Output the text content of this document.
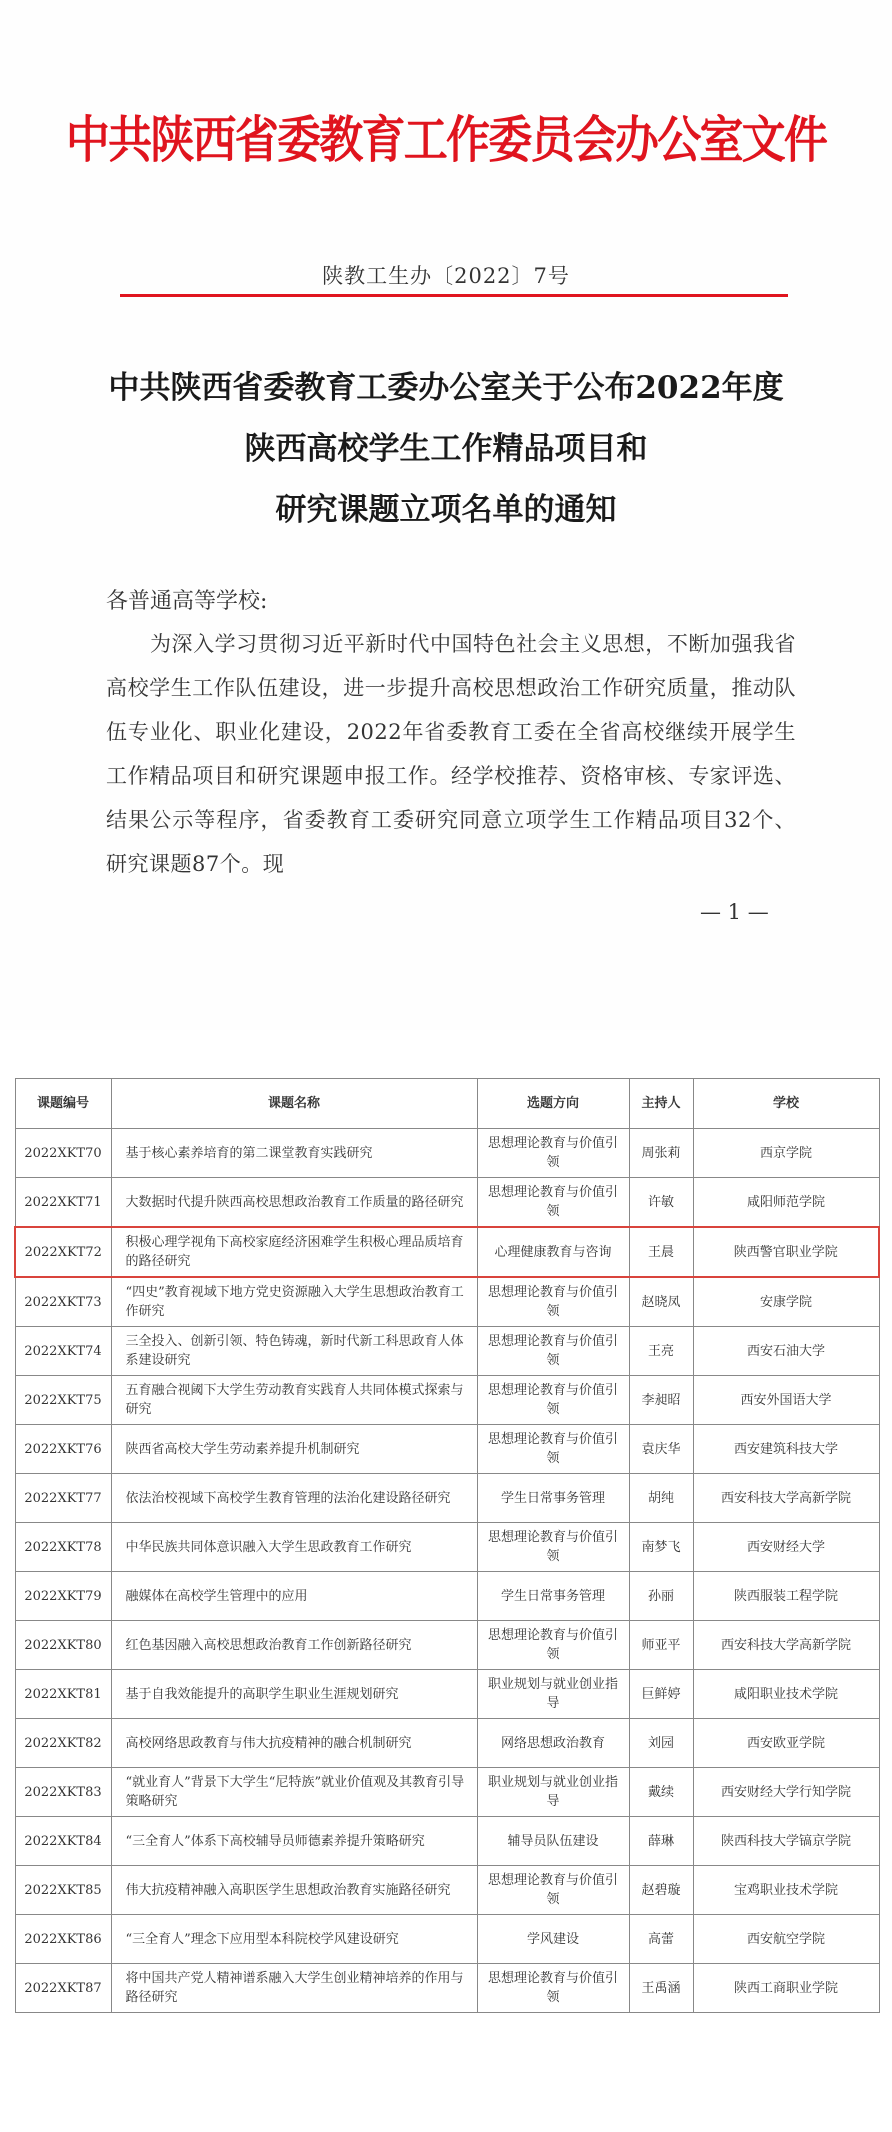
中共陕西省委教育工作委员会办公室文件
陕教工生办〔2022〕7号
中共陕西省委教育工委办公室关于公布2022年度
陕西高校学生工作精品项目和
研究课题立项名单的通知
各普通高等学校:
为深入学习贯彻习近平新时代中国特色社会主义思想，不断加强我省高校学生工作队伍建设，进一步提升高校思想政治工作研究质量，推动队伍专业化、职业化建设，2022年省委教育工委在全省高校继续开展学生工作精品项目和研究课题申报工作。经学校推荐、资格审核、专家评选、结果公示等程序，省委教育工委研究同意立项学生工作精品项目32个、研究课题87个。现
— 1 —
课题编号	课题名称	选题方向	主持人	学校
2022XKT70	基于核心素养培育的第二课堂教育实践研究	思想理论教育与价值引领	周张莉	西京学院
2022XKT71	大数据时代提升陕西高校思想政治教育工作质量的路径研究	思想理论教育与价值引领	许敏	咸阳师范学院
2022XKT72	积极心理学视角下高校家庭经济困难学生积极心理品质培育的路径研究	心理健康教育与咨询	王晨	陕西警官职业学院
2022XKT73	“四史”教育视域下地方党史资源融入大学生思想政治教育工作研究	思想理论教育与价值引领	赵晓凤	安康学院
2022XKT74	三全投入、创新引领、特色铸魂，新时代新工科思政育人体系建设研究	思想理论教育与价值引领	王亮	西安石油大学
2022XKT75	五育融合视阈下大学生劳动教育实践育人共同体模式探索与研究	思想理论教育与价值引领	李昶昭	西安外国语大学
2022XKT76	陕西省高校大学生劳动素养提升机制研究	思想理论教育与价值引领	袁庆华	西安建筑科技大学
2022XKT77	依法治校视域下高校学生教育管理的法治化建设路径研究	学生日常事务管理	胡纯	西安科技大学高新学院
2022XKT78	中华民族共同体意识融入大学生思政教育工作研究	思想理论教育与价值引领	南梦飞	西安财经大学
2022XKT79	融媒体在高校学生管理中的应用	学生日常事务管理	孙丽	陕西服装工程学院
2022XKT80	红色基因融入高校思想政治教育工作创新路径研究	思想理论教育与价值引领	师亚平	西安科技大学高新学院
2022XKT81	基于自我效能提升的高职学生职业生涯规划研究	职业规划与就业创业指导	巨鲜婷	咸阳职业技术学院
2022XKT82	高校网络思政教育与伟大抗疫精神的融合机制研究	网络思想政治教育	刘园	西安欧亚学院
2022XKT83	“就业育人”背景下大学生“尼特族”就业价值观及其教育引导策略研究	职业规划与就业创业指导	戴续	西安财经大学行知学院
2022XKT84	“三全育人”体系下高校辅导员师德素养提升策略研究	辅导员队伍建设	薛琳	陕西科技大学镐京学院
2022XKT85	伟大抗疫精神融入高职医学生思想政治教育实施路径研究	思想理论教育与价值引领	赵碧璇	宝鸡职业技术学院
2022XKT86	“三全育人”理念下应用型本科院校学风建设研究	学风建设	高蕾	西安航空学院
2022XKT87	将中国共产党人精神谱系融入大学生创业精神培养的作用与路径研究	思想理论教育与价值引领	王禹涵	陕西工商职业学院
